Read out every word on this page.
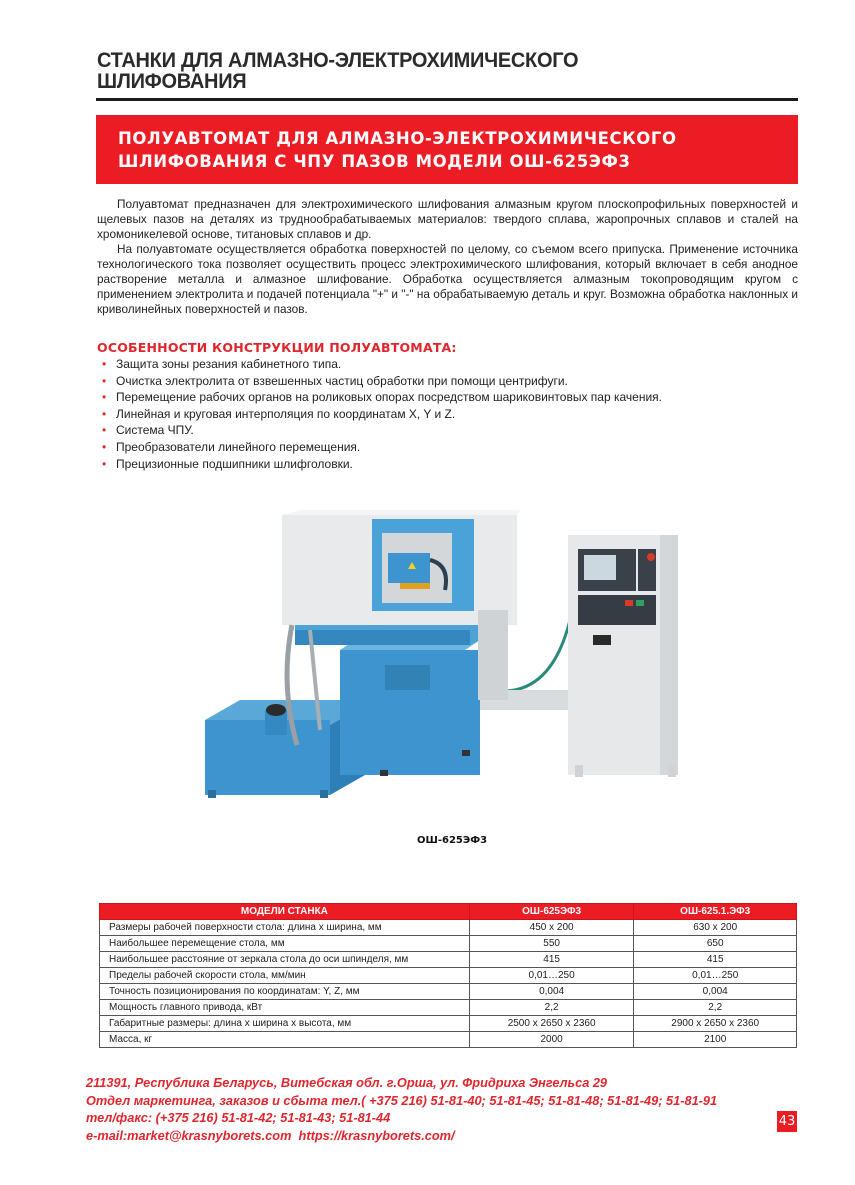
СТАНКИ ДЛЯ АЛМАЗНО-ЭЛЕКТРОХИМИЧЕСКОГО
ШЛИФОВАНИЯ
ПОЛУАВТОМАТ ДЛЯ АЛМАЗНО-ЭЛЕКТРОХИМИЧЕСКОГО
ШЛИФОВАНИЯ С ЧПУ ПАЗОВ МОДЕЛИ ОШ-625ЭФ3

Полуавтомат предназначен для электрохимического шлифования алмазным кругом плоскопрофильных поверхностей и щелевых пазов на деталях из труднообрабатываемых материалов: твердого сплава, жаропрочных сплавов и сталей на хромоникелевой основе, титановых сплавов и др.

На полуавтомате осуществляется обработка поверхностей по целому, со съемом всего припуска. Применение источника технологического тока позволяет осуществить процесс электрохимического шлифования, который включает в себя анодное растворение металла и алмазное шлифование. Обработка осуществляется алмазным токопроводящим кругом с применением электролита и подачей потенциала "+" и "-" на обрабатываемую деталь и круг. Возможна обработка наклонных и криволинейных поверхностей и пазов.

ОСОБЕННОСТИ КОНСТРУКЦИИ ПОЛУАВТОМАТА:
• Защита зоны резания кабинетного типа.
• Очистка электролита от взвешенных частиц обработки при помощи центрифуги.
• Перемещение рабочих органов на роликовых опорах посредством шариковинтовых пар качения.
• Линейная и круговая интерполяция по координатам X, Y и Z.
• Система ЧПУ.
• Преобразователи линейного перемещения.
• Прецизионные подшипники шлифголовки.
ОШ-625ЭФ3
МОДЕЛИ СТАНКА	ОШ-625ЭФ3	ОШ-625.1.ЭФ3
Размеры рабочей поверхности стола: длина x ширина, мм	450 x 200	630 x 200
Наибольшее перемещение стола, мм	550	650
Наибольшее расстояние от зеркала стола до оси шпинделя, мм	415	415
Пределы рабочей скорости стола, мм/мин	0,01…250	0,01…250
Точность позиционирования по координатам: Y, Z, мм	0,004	0,004
Мощность главного привода, кВт	2,2	2,2
Габаритные размеры: длина x ширина x высота, мм	2500 x 2650 x 2360	2900 x 2650 x 2360
Масса, кг	2000	2100
211391, Республика Беларусь, Витебская обл. г.Орша, ул. Фридриха Энгельса 29
Отдел маркетинга, заказов и сбыта тел.( +375 216) 51-81-40; 51-81-45; 51-81-48; 51-81-49; 51-81-91
тел/факс: (+375 216) 51-81-42; 51-81-43; 51-81-44
e-mail:market@krasnyborets.com https://krasnyborets.com/
43
